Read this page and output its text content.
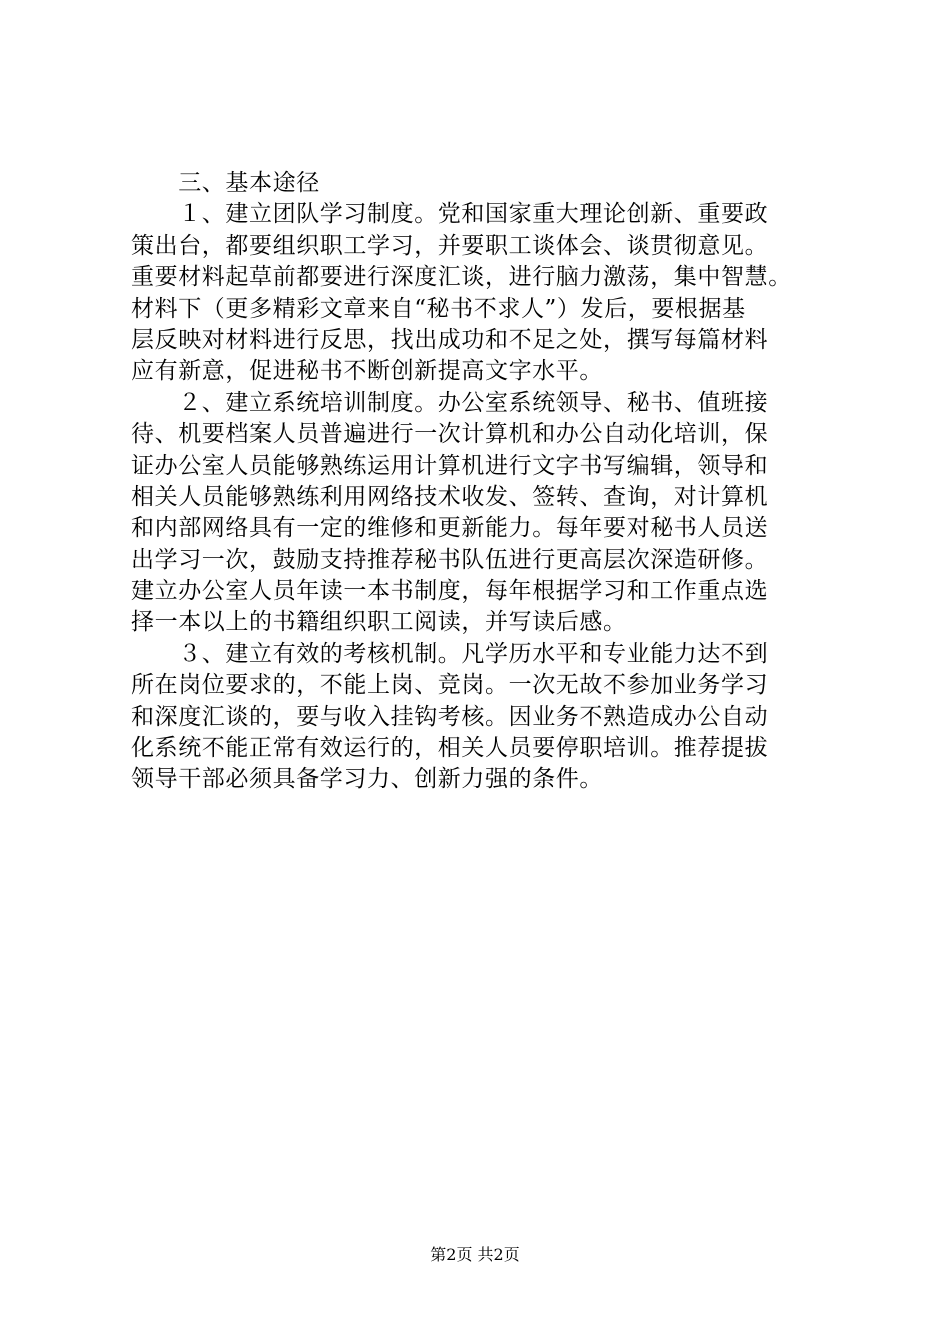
　　三、基本途径
　　１、建立团队学习制度。党和国家重大理论创新、重要政
策出台，都要组织职工学习，并要职工谈体会、谈贯彻意见。
重要材料起草前都要进行深度汇谈，进行脑力激荡，集中智慧。
材料下（更多精彩文章来自“秘书不求人”）发后，要根据基
层反映对材料进行反思，找出成功和不足之处，撰写每篇材料
应有新意，促进秘书不断创新提高文字水平。
　　２、建立系统培训制度。办公室系统领导、秘书、值班接
待、机要档案人员普遍进行一次计算机和办公自动化培训，保
证办公室人员能够熟练运用计算机进行文字书写编辑，领导和
相关人员能够熟练利用网络技术收发、签转、查询，对计算机
和内部网络具有一定的维修和更新能力。每年要对秘书人员送
出学习一次，鼓励支持推荐秘书队伍进行更高层次深造研修。
建立办公室人员年读一本书制度，每年根据学习和工作重点选
择一本以上的书籍组织职工阅读，并写读后感。
　　３、建立有效的考核机制。凡学历水平和专业能力达不到
所在岗位要求的，不能上岗、竞岗。一次无故不参加业务学习
和深度汇谈的，要与收入挂钩考核。因业务不熟造成办公自动
化系统不能正常有效运行的，相关人员要停职培训。推荐提拔
领导干部必须具备学习力、创新力强的条件。
第2页 共2页
